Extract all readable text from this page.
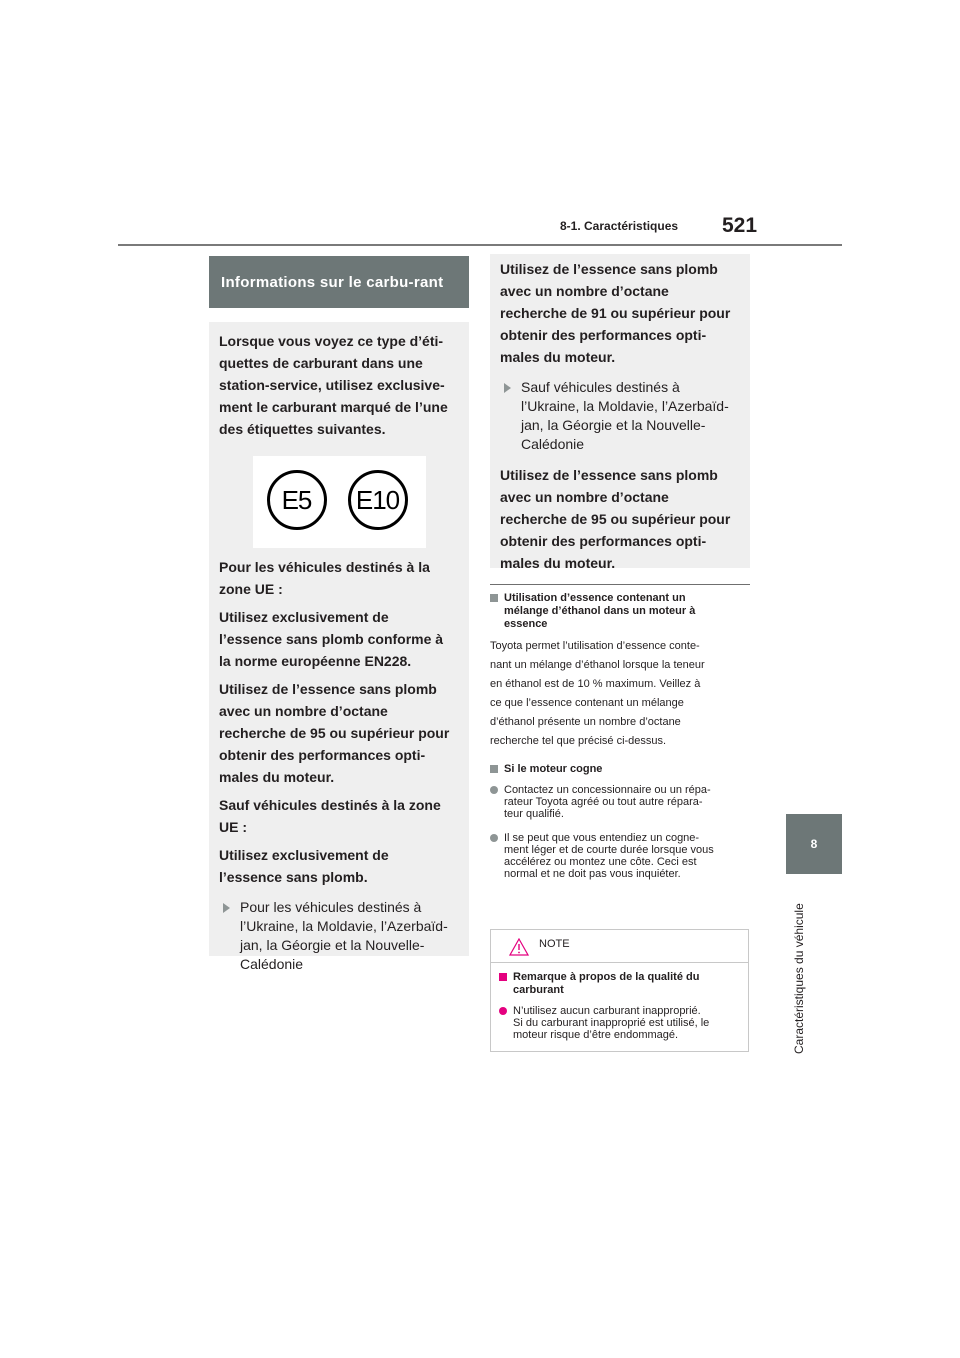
8-1. Caractéristiques 521
8
Caractéristiques du véhicule
Informations sur le carbu-rant
Lorsque vous voyez ce type d’éti-
quettes de carburant dans une
station-service, utilisez exclusive-
ment le carburant marqué de l’une
des étiquettes suivantes.
E5	E10
Pour les véhicules destinés à la
zone UE :
Utilisez exclusivement de
l’essence sans plomb conforme à
la norme européenne EN228.
Utilisez de l’essence sans plomb
avec un nombre d’octane
recherche de 95 ou supérieur pour
obtenir des performances opti-
males du moteur.
Sauf véhicules destinés à la zone
UE :
Utilisez exclusivement de
l’essence sans plomb.
Pour les véhicules destinés à
l’Ukraine, la Moldavie, l’Azerbaïd-
jan, la Géorgie et la Nouvelle-
Calédonie
Utilisez de l’essence sans plomb
avec un nombre d’octane
recherche de 91 ou supérieur pour
obtenir des performances opti-
males du moteur.
Sauf véhicules destinés à
l’Ukraine, la Moldavie, l’Azerbaïd-
jan, la Géorgie et la Nouvelle-
Calédonie
Utilisez de l’essence sans plomb
avec un nombre d’octane
recherche de 95 ou supérieur pour
obtenir des performances opti-
males du moteur.
Utilisation d’essence contenant un
mélange d’éthanol dans un moteur à
essence
Toyota permet l’utilisation d’essence conte-
nant un mélange d’éthanol lorsque la teneur
en éthanol est de 10 % maximum. Veillez à
ce que l’essence contenant un mélange
d’éthanol présente un nombre d’octane
recherche tel que précisé ci-dessus.
Si le moteur cogne
Contactez un concessionnaire ou un répa-
rateur Toyota agréé ou tout autre répara-
teur qualifié.
Il se peut que vous entendiez un cogne-
ment léger et de courte durée lorsque vous
accélérez ou montez une côte. Ceci est
normal et ne doit pas vous inquiéter.
NOTE
Remarque à propos de la qualité du
carburant
N’utilisez aucun carburant inapproprié.
Si du carburant inapproprié est utilisé, le
moteur risque d’être endommagé.
